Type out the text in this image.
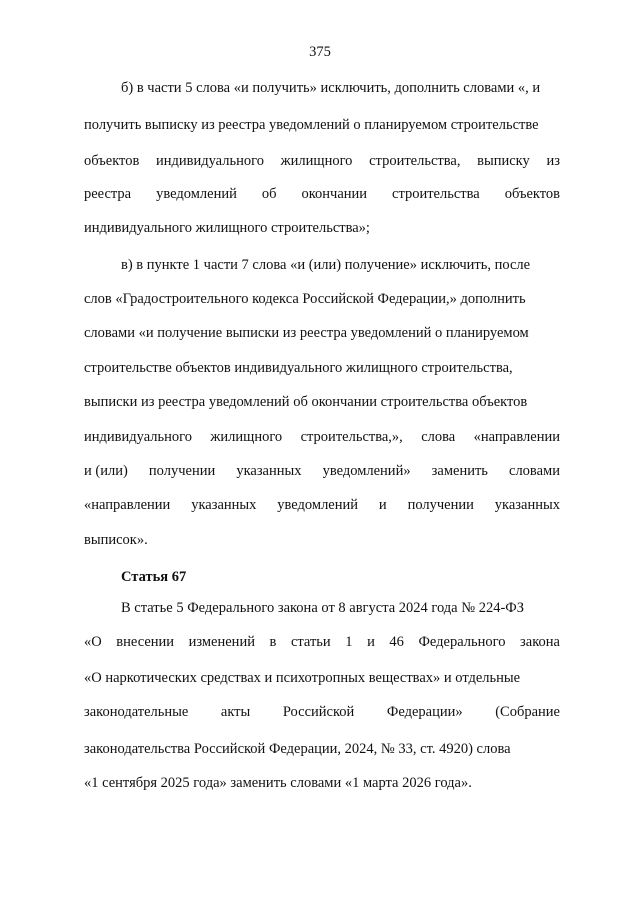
375
б) в части 5 слова «и получить» исключить, дополнить словами «, и
получить выписку из реестра уведомлений о планируемом строительстве
объектов индивидуального жилищного строительства, выписку из
реестра уведомлений об окончании строительства объектов
индивидуального жилищного строительства»;
в) в пункте 1 части 7 слова «и (или) получение» исключить, после
слов «Градостроительного кодекса Российской Федерации,» дополнить
словами «и получение выписки из реестра уведомлений о планируемом
строительстве объектов индивидуального жилищного строительства,
выписки из реестра уведомлений об окончании строительства объектов
индивидуального жилищного строительства,», слова «направлении
и (или) получении указанных уведомлений» заменить словами
«направлении указанных уведомлений и получении указанных
выписок».
Статья 67
В статье 5 Федерального закона от 8 августа 2024 года № 224-ФЗ
«О внесении изменений в статьи 1 и 46 Федерального закона
«О наркотических средствах и психотропных веществах» и отдельные
законодательные акты Российской Федерации» (Собрание
законодательства Российской Федерации, 2024, № 33, ст. 4920) слова
«1 сентября 2025 года» заменить словами «1 марта 2026 года».
